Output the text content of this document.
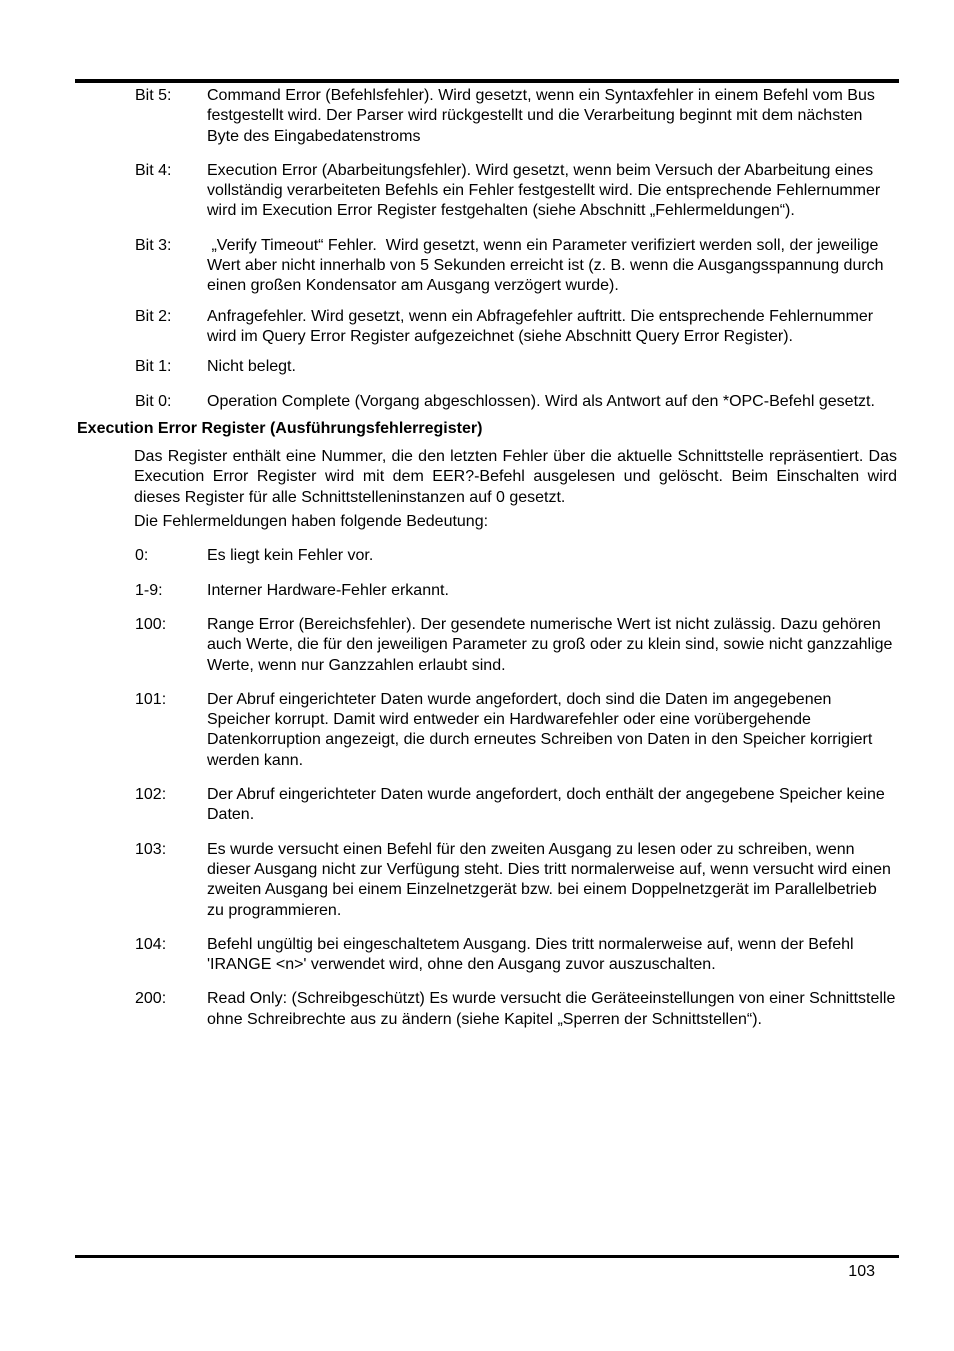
Bit 5:	Command Error (Befehlsfehler). Wird gesetzt, wenn ein Syntaxfehler in einem Befehl vom Bus festgestellt wird. Der Parser wird rückgestellt und die Verarbeitung beginnt mit dem nächsten Byte des Eingabedatenstroms
Bit 4:	Execution Error (Abarbeitungsfehler). Wird gesetzt, wenn beim Versuch der Abarbeitung eines vollständig verarbeiteten Befehls ein Fehler festgestellt wird. Die entsprechende Fehlernummer wird im Execution Error Register festgehalten (siehe Abschnitt „Fehlermeldungen“).
Bit 3:	„Verify Timeout“ Fehler.  Wird gesetzt, wenn ein Parameter verifiziert werden soll, der jeweilige Wert aber nicht innerhalb von 5 Sekunden erreicht ist (z. B. wenn die Ausgangsspannung durch einen großen Kondensator am Ausgang verzögert wurde).
Bit 2:	Anfragefehler. Wird gesetzt, wenn ein Abfragefehler auftritt. Die entsprechende Fehlernummer wird im Query Error Register aufgezeichnet (siehe Abschnitt Query Error Register).
Bit 1:	Nicht belegt.
Bit 0:	Operation Complete (Vorgang abgeschlossen). Wird als Antwort auf den *OPC-Befehl gesetzt.
Execution Error Register (Ausführungsfehlerregister)
Das Register enthält eine Nummer, die den letzten Fehler über die aktuelle Schnittstelle repräsentiert. Das Execution Error Register wird mit dem EER?-Befehl ausgelesen und gelöscht. Beim Einschalten wird dieses Register für alle Schnittstelleninstanzen auf 0 gesetzt.
Die Fehlermeldungen haben folgende Bedeutung:
0:	Es liegt kein Fehler vor.
1-9:	Interner Hardware-Fehler erkannt.
100:	Range Error (Bereichsfehler). Der gesendete numerische Wert ist nicht zulässig. Dazu gehören auch Werte, die für den jeweiligen Parameter zu groß oder zu klein sind, sowie nicht ganzzahlige Werte, wenn nur Ganzzahlen erlaubt sind.
101:	Der Abruf eingerichteter Daten wurde angefordert, doch sind die Daten im angegebenen Speicher korrupt. Damit wird entweder ein Hardwarefehler oder eine vorübergehende Datenkorruption angezeigt, die durch erneutes Schreiben von Daten in den Speicher korrigiert werden kann.
102:	Der Abruf eingerichteter Daten wurde angefordert, doch enthält der angegebene Speicher keine Daten.
103:	Es wurde versucht einen Befehl für den zweiten Ausgang zu lesen oder zu schreiben, wenn dieser Ausgang nicht zur Verfügung steht. Dies tritt normalerweise auf, wenn versucht wird einen zweiten Ausgang bei einem Einzelnetzgerät bzw. bei einem Doppelnetzgerät im Parallelbetrieb zu programmieren.
104:	Befehl ungültig bei eingeschaltetem Ausgang. Dies tritt normalerweise auf, wenn der Befehl 'IRANGE <n>' verwendet wird, ohne den Ausgang zuvor auszuschalten.
200:	Read Only: (Schreibgeschützt) Es wurde versucht die Geräteeinstellungen von einer Schnittstelle ohne Schreibrechte aus zu ändern (siehe Kapitel „Sperren der Schnittstellen“).
103
